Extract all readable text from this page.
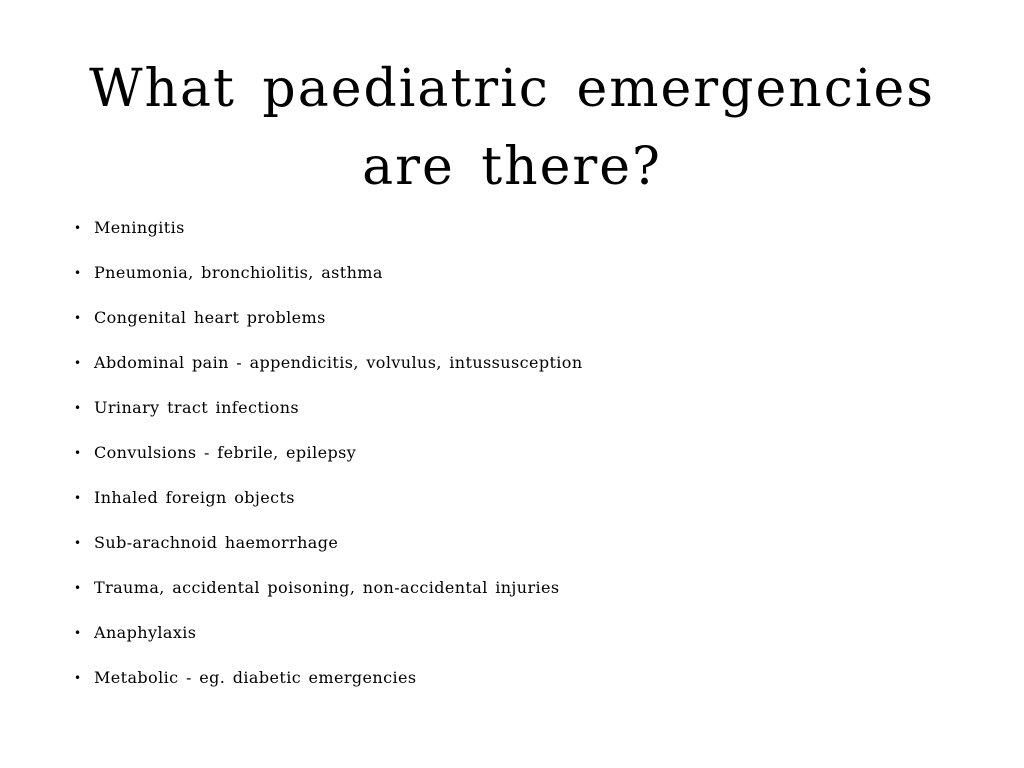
What paediatric emergencies are there?
• Meningitis
• Pneumonia, bronchiolitis, asthma
• Congenital heart problems
• Abdominal pain - appendicitis, volvulus, intussusception
• Urinary tract infections
• Convulsions - febrile, epilepsy
• Inhaled foreign objects
• Sub-arachnoid haemorrhage
• Trauma, accidental poisoning, non-accidental injuries
• Anaphylaxis
• Metabolic - eg. diabetic emergencies
